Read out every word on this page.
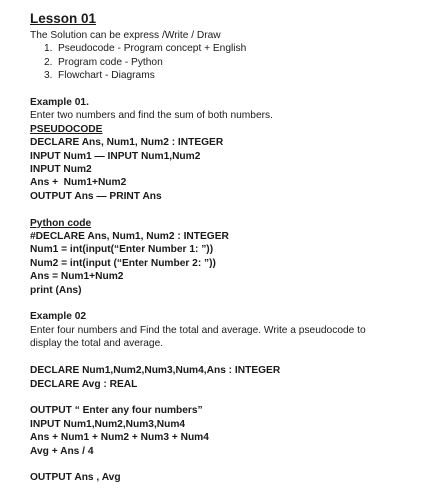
Lesson 01

The Solution can be express /Write / Draw

1. Pseudocode - Program concept + English
2. Program code - Python
3. Flowchart - Diagrams

Example 01.

Enter two numbers and find the sum of both numbers.

PSEUDOCODE

DECLARE Ans, Num1, Num2 : INTEGER

INPUT Num1 — INPUT Num1,Num2

INPUT Num2

Ans +  Num1+Num2

OUTPUT Ans — PRINT Ans

Python code

#DECLARE Ans, Num1, Num2 : INTEGER

Num1 = int(input(“Enter Number 1: ”))

Num2 = int(input (“Enter Number 2: ”))

Ans = Num1+Num2

print (Ans)

Example 02

Enter four numbers and Find the total and average. Write a pseudocode to

display the total and average.

DECLARE Num1,Num2,Num3,Num4,Ans : INTEGER

DECLARE Avg : REAL

OUTPUT “ Enter any four numbers”

INPUT Num1,Num2,Num3,Num4

Ans + Num1 + Num2 + Num3 + Num4

Avg + Ans / 4

OUTPUT Ans , Avg
